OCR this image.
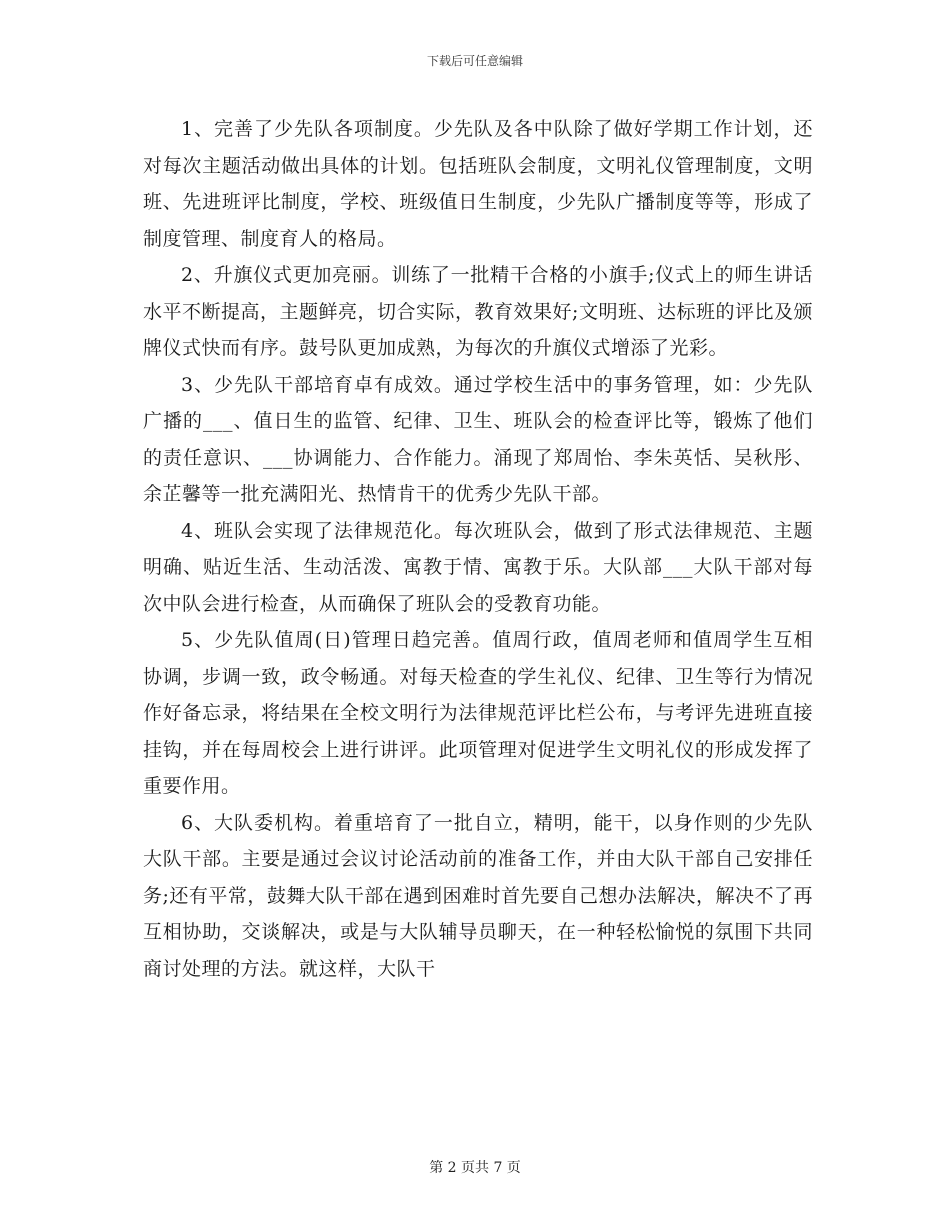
下载后可任意编辑

1、完善了少先队各项制度。少先队及各中队除了做好学期工作计划，还对每次主题活动做出具体的计划。包括班队会制度，文明礼仪管理制度，文明班、先进班评比制度，学校、班级值日生制度，少先队广播制度等等，形成了制度管理、制度育人的格局。

2、升旗仪式更加亮丽。训练了一批精干合格的小旗手;仪式上的师生讲话水平不断提高，主题鲜亮，切合实际，教育效果好;文明班、达标班的评比及颁牌仪式快而有序。鼓号队更加成熟，为每次的升旗仪式增添了光彩。

3、少先队干部培育卓有成效。通过学校生活中的事务管理，如：少先队广播的___、值日生的监管、纪律、卫生、班队会的检查评比等，锻炼了他们的责任意识、___协调能力、合作能力。涌现了郑周怡、李朱英恬、吴秋彤、余芷馨等一批充满阳光、热情肯干的优秀少先队干部。

4、班队会实现了法律规范化。每次班队会，做到了形式法律规范、主题明确、贴近生活、生动活泼、寓教于情、寓教于乐。大队部___大队干部对每次中队会进行检查，从而确保了班队会的受教育功能。

5、少先队值周(日)管理日趋完善。值周行政，值周老师和值周学生互相协调，步调一致，政令畅通。对每天检查的学生礼仪、纪律、卫生等行为情况作好备忘录，将结果在全校文明行为法律规范评比栏公布，与考评先进班直接挂钩，并在每周校会上进行讲评。此项管理对促进学生文明礼仪的形成发挥了重要作用。

6、大队委机构。着重培育了一批自立，精明，能干，以身作则的少先队大队干部。主要是通过会议讨论活动前的准备工作，并由大队干部自己安排任务;还有平常，鼓舞大队干部在遇到困难时首先要自己想办法解决，解决不了再互相协助，交谈解决，或是与大队辅导员聊天，在一种轻松愉悦的氛围下共同商讨处理的方法。就这样，大队干

第 2 页共 7 页
